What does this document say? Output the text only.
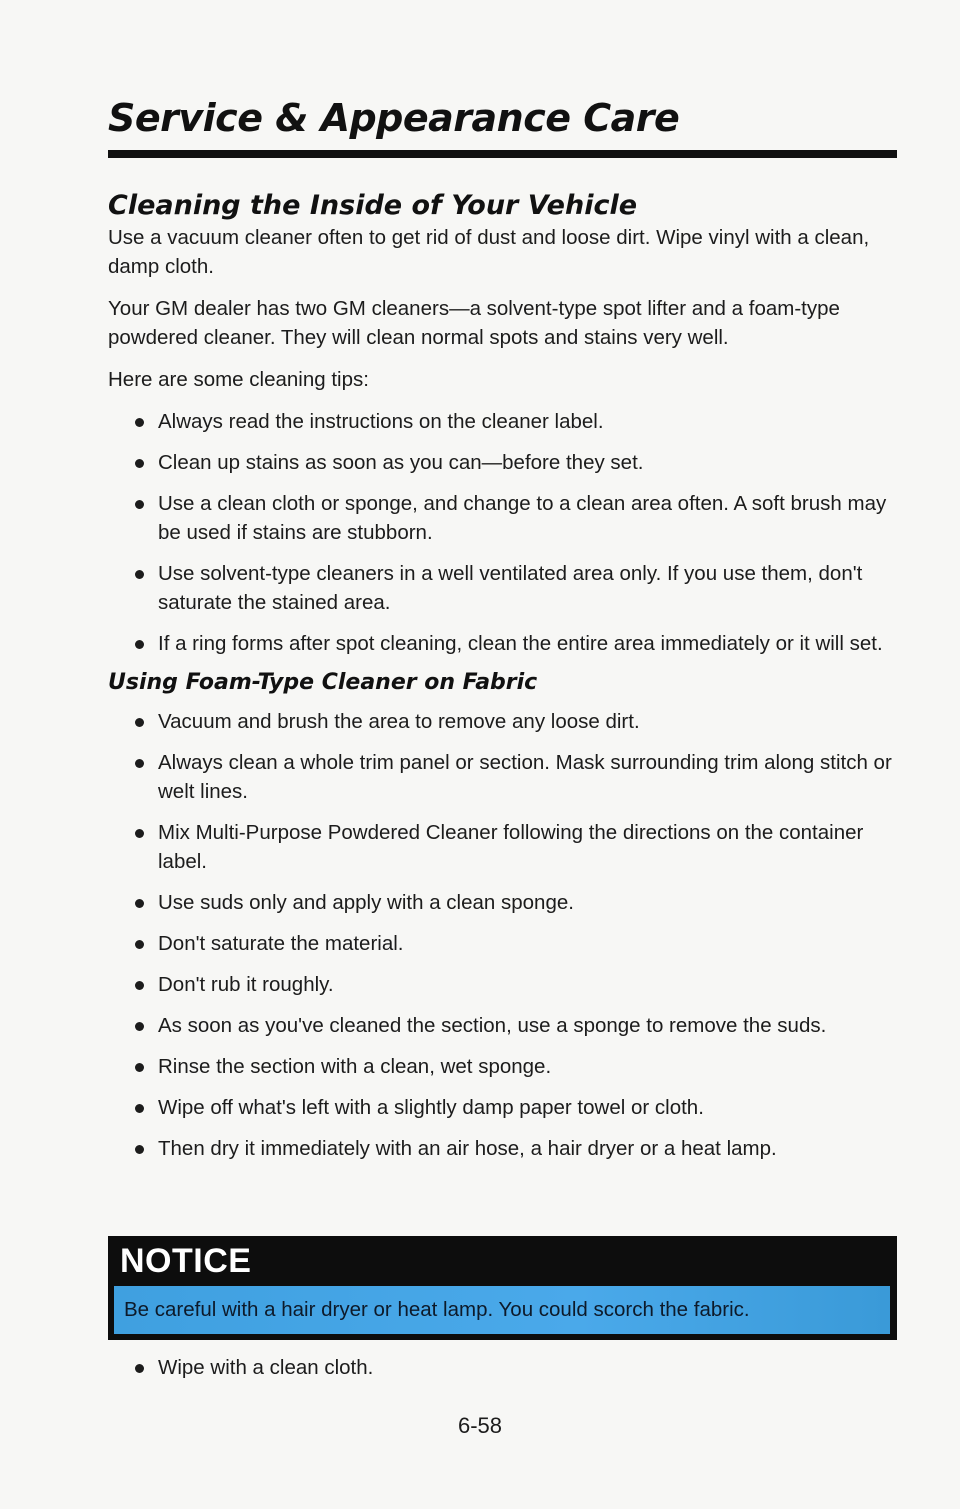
Service & Appearance Care
Cleaning the Inside of Your Vehicle

Use a vacuum cleaner often to get rid of dust and loose dirt. Wipe vinyl with a clean, damp cloth.

Your GM dealer has two GM cleaners—a solvent-type spot lifter and a foam-type powdered cleaner. They will clean normal spots and stains very well.

Here are some cleaning tips:

Always read the instructions on the cleaner label.
Clean up stains as soon as you can—before they set.
Use a clean cloth or sponge, and change to a clean area often. A soft brush may be used if stains are stubborn.
Use solvent-type cleaners in a well ventilated area only. If you use them, don't saturate the stained area.
If a ring forms after spot cleaning, clean the entire area immediately or it will set.
Using Foam-Type Cleaner on Fabric
Vacuum and brush the area to remove any loose dirt.
Always clean a whole trim panel or section. Mask surrounding trim along stitch or welt lines.
Mix Multi-Purpose Powdered Cleaner following the directions on the container label.
Use suds only and apply with a clean sponge.
Don't saturate the material.
Don't rub it roughly.
As soon as you've cleaned the section, use a sponge to remove the suds.
Rinse the section with a clean, wet sponge.
Wipe off what's left with a slightly damp paper towel or cloth.
Then dry it immediately with an air hose, a hair dryer or a heat lamp.
NOTICE
Be careful with a hair dryer or heat lamp. You could scorch the fabric.
Wipe with a clean cloth.
6-58
